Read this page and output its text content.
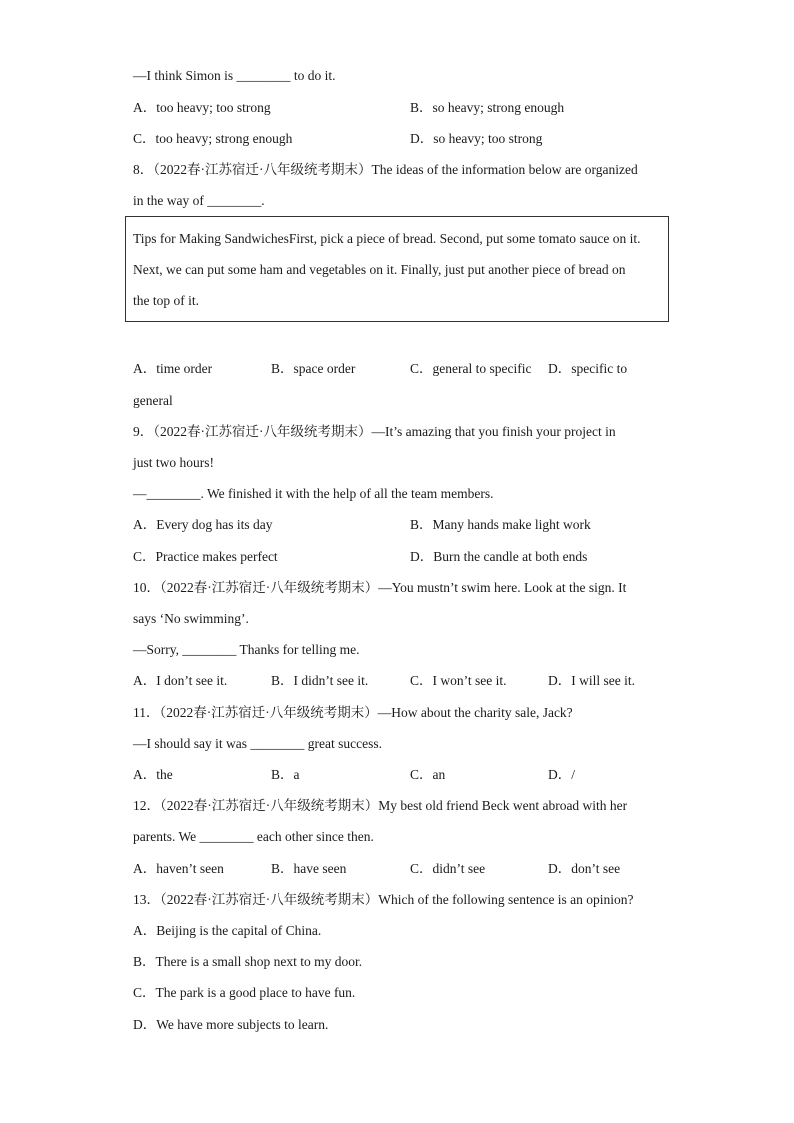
—I think Simon is ________ to do it.
A．too heavy; too strong	B．so heavy; strong enough
C．too heavy; strong enough	D．so heavy; too strong
8．（2022春·江苏宿迁·八年级统考期末）The ideas of the information below are organized
in the way of ________.
Tips for Making SandwichesFirst, pick a piece of bread. Second, put some tomato sauce on it.
Next, we can put some ham and vegetables on it. Finally, just put another piece of bread on
the top of it.
A．time order	B．space order	C．general to specific D．specific to
general
9．（2022春·江苏宿迁·八年级统考期末）—It’s amazing that you finish your project in
just two hours!
—________. We finished it with the help of all the team members.
A．Every dog has its day	B．Many hands make light work
C．Practice makes perfect	D．Burn the candle at both ends
10．（2022春·江苏宿迁·八年级统考期末）—You mustn’t swim here. Look at the sign. It
says ‘No swimming’.
—Sorry, ________ Thanks for telling me.
A．I don’t see it.	B．I didn’t see it.	C．I won’t see it.	D．I will see it.
11．（2022春·江苏宿迁·八年级统考期末）—How about the charity sale, Jack?
—I should say it was ________ great success.
A．the	B．a	C．an	D．/
12．（2022春·江苏宿迁·八年级统考期末）My best old friend Beck went abroad with her
parents. We ________ each other since then.
A．haven’t seen	B．have seen	C．didn’t see	D．don’t see
13．（2022春·江苏宿迁·八年级统考期末）Which of the following sentence is an opinion?
A．Beijing is the capital of China.
B．There is a small shop next to my door.
C．The park is a good place to have fun.
D．We have more subjects to learn.
